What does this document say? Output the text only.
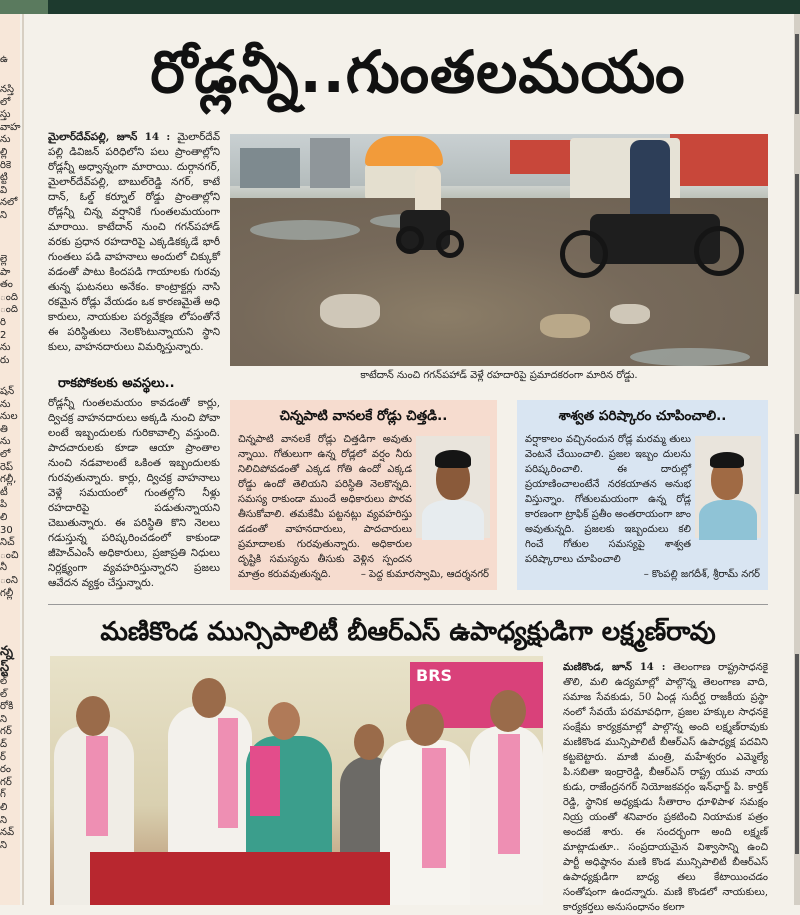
ఉ
నస్తి
లో
స్తు
వాహ
ను
ల్లి
రికె
ట్టి
వి
నలో
ని
ల్లె
పా
తం
ంది
ంది
రి
2
ను
రు
షన్
ను
నుల
తి
ను
లో
రెప్
గల్లీ,
టీ
పి
లి
30
నిచ్
ంచి
నీ
ంని
గల్లీ
న్న
స్ట్
ల్
ల్
రోకి
ని
గర్
ద్
ర్
రం
గర్
గ్
లి
ని
నవ్
ని
రోడ్లన్నీ..గుంతలమయం
మైలార్‌దేవ్‌పల్లి, జూన్ 14 : మైలార్‌దేవ్ పల్లి డివిజన్ పరిధిలోని పలు ప్రాంతాల్లోని రోడ్లన్నీ అధ్వాన్నంగా మారాయి. దుర్గానగర్, మైలార్‌దేవ్‌పల్లి, బాబుల్‌రెడ్డి నగర్, కాటే దాన్, ఓల్డ్ కర్నూల్ రోడ్డు ప్రాంతాల్లోని రోడ్లన్నీ చిన్న వర్షానికే గుంతలమయంగా మారాయి. కాటేదాన్ నుంచి గగన్‌పహాడ్ వరకు ప్రధాన రహదారిపై ఎక్కడికక్కడే భారీ గుంతలు పడి వాహనాలు అందులో చిక్కుకో వడంతో పాటు కిందపడి గాయాలకు గురవు తున్న ఘటనలు అనేకం. కాంట్రాక్టర్లు నాసి రకమైన రోడ్లు వేయడం ఒక కారణమైతే అధి కారులు, నాయకుల పర్యవేక్షణ లోపంతోనే ఈ పరిస్థితులు నెలకొంటున్నాయని స్థాని కులు, వాహనదారులు విమర్శిస్తున్నారు.
రాకపోకలకు అవస్థలు..
రోడ్లన్నీ గుంతలమయం కావడంతో కార్లు, ద్విచక్ర వాహనదారులు అక్కడి నుంచి పోవా లంటే ఇబ్బందులకు గురికావాల్సి వస్తుంది. పాదచారులకు కూడా ఆయా ప్రాంతాల నుంచి నడవాలంటే ఒకింత ఇబ్బందులకు గురవుతున్నారు. కార్లు, ద్విచక్ర వాహనాలు వెళ్లే సమయంలో గుంతల్లోని నీళ్లు రహదారిపై పడుతున్నాయని చెబుతున్నారు. ఈ పరిస్థితి కొని నెలలు గడుస్తున్న పరిష్కరించడంలో కాకుండా జీహెచ్ఎంసీ అధికారులు, ప్రజాప్రతి నిధులు నిర్లక్ష్యంగా వ్యవహరిస్తున్నారని ప్రజలు ఆవేదన వ్యక్తం చేస్తున్నారు.
కాటేదాన్ నుంచి గగన్‌పహాడ్ వెళ్లే రహదారిపై ప్రమాదకరంగా మారిన రోడ్డు.
చిన్నపాటి వానలకే రోడ్లు చిత్తడి..
చిన్నపాటి వానలకే రోడ్లు చిత్తడిగా అవుతు న్నాయి. గోతులుగా ఉన్న రోడ్లలో వర్షం నీరు నిలిచిపోవడంతో ఎక్కడ గోతి ఉందో ఎక్కడ రోడ్డు ఉందో తెలియని పరిస్థితి నెలకొన్నది. సమస్య రాకుండా ముందే అధికారులు పొరవ తీసుకోవాలి. తమకేమీ పట్టనట్లు వ్యవహరిస్తు డడంతో వాహనదారులు, పాదచారులు ప్రమాదాలకు గురవుతున్నారు. అధికారుల దృష్టికి సమస్యను తీసుకు వెళ్లిన స్పందన మాత్రం కరువవుతున్నది.	– పెద్ద కుమారస్వామి, ఆదర్శనగర్
శాశ్వత పరిష్కారం చూపించాలి..
వర్షాకాలం వచ్చినందున రోడ్ల మరమ్మ తులు వెంటనే చేయించాలి. ప్రజల ఇబ్బం దులను పరిష్కరించాలి. ఈ దారుల్లో ప్రయాణించాలంటేనే నరకయాతన అనుభ విస్తున్నాం. గోతులమయంగా ఉన్న రోడ్ల కారణంగా ట్రాఫిక్ ప్రతీం అంతరాయంగా జాం అవుతున్నది. ప్రజలకు ఇబ్బందులు కలి గించే గోతుల సమస్యపై శాశ్వత పరిష్కారాలు చూపించాలి
– కొంపల్లి జగదీశ్, శ్రీరామ్ నగర్
మణికొండ మున్సిపాలిటీ బీఆర్‌ఎస్ ఉపాధ్యక్షుడిగా లక్ష్మణ్‌రావు
BRS	మణికొండ, జూన్ 14 : తెలంగాణ రాష్ట్రసాధనకై తొలి, మలి ఉద్యమాల్లో పాల్గొన్న తెలంగాణ వాది, సమాజ సేవకుడు, 50 ఏండ్ల సుదీర్ఘ రాజకీయ ప్రస్థా నంలో సేవయే పరమావధిగా, ప్రజల హక్కుల సాధనకై సంక్షేమ కార్యక్రమాల్లో పాల్గొన్న అంది లక్ష్మణ్‌రావుకు మణికొండ మున్సిపాలిటీ బీఆర్‌ఎస్ ఉపాధ్యక్ష పదవిని కట్టబెట్టారు. మాజీ మంత్రి, మహేశ్వరం ఎమ్మెల్యే పి.సబితా ఇంద్రారెడ్డి, బీఆర్‌ఎస్ రాష్ట్ర యువ నాయ కుడు, రాజేంద్రనగర్ నియోజకవర్గం ఇన్‌ఛార్జ్ పి. కార్తిక్ రెడ్డి, స్థానిక అధ్యక్షుడు సీతారాం ధూళిపాళ సమక్షం నియ్ర యంతో శనివారం ప్రకటించి నియామక పత్రం అందజే శారు. ఈ సందర్భంగా అంది లక్ష్మణ్ మాట్లాడుతూ.. సంప్రదాయమైన విశ్వాసాన్ని ఉంచి పార్టీ అధిష్ఠానం మణి కొండ మున్సిపాలిటీ బీఆర్‌ఎస్ ఉపాధ్యక్షుడిగా బాధ్య తలు కేటాయించడం సంతోషంగా ఉందన్నారు. మణి కొండలో నాయకులు, కార్యకర్తలు అనుసంధానం కలగా
